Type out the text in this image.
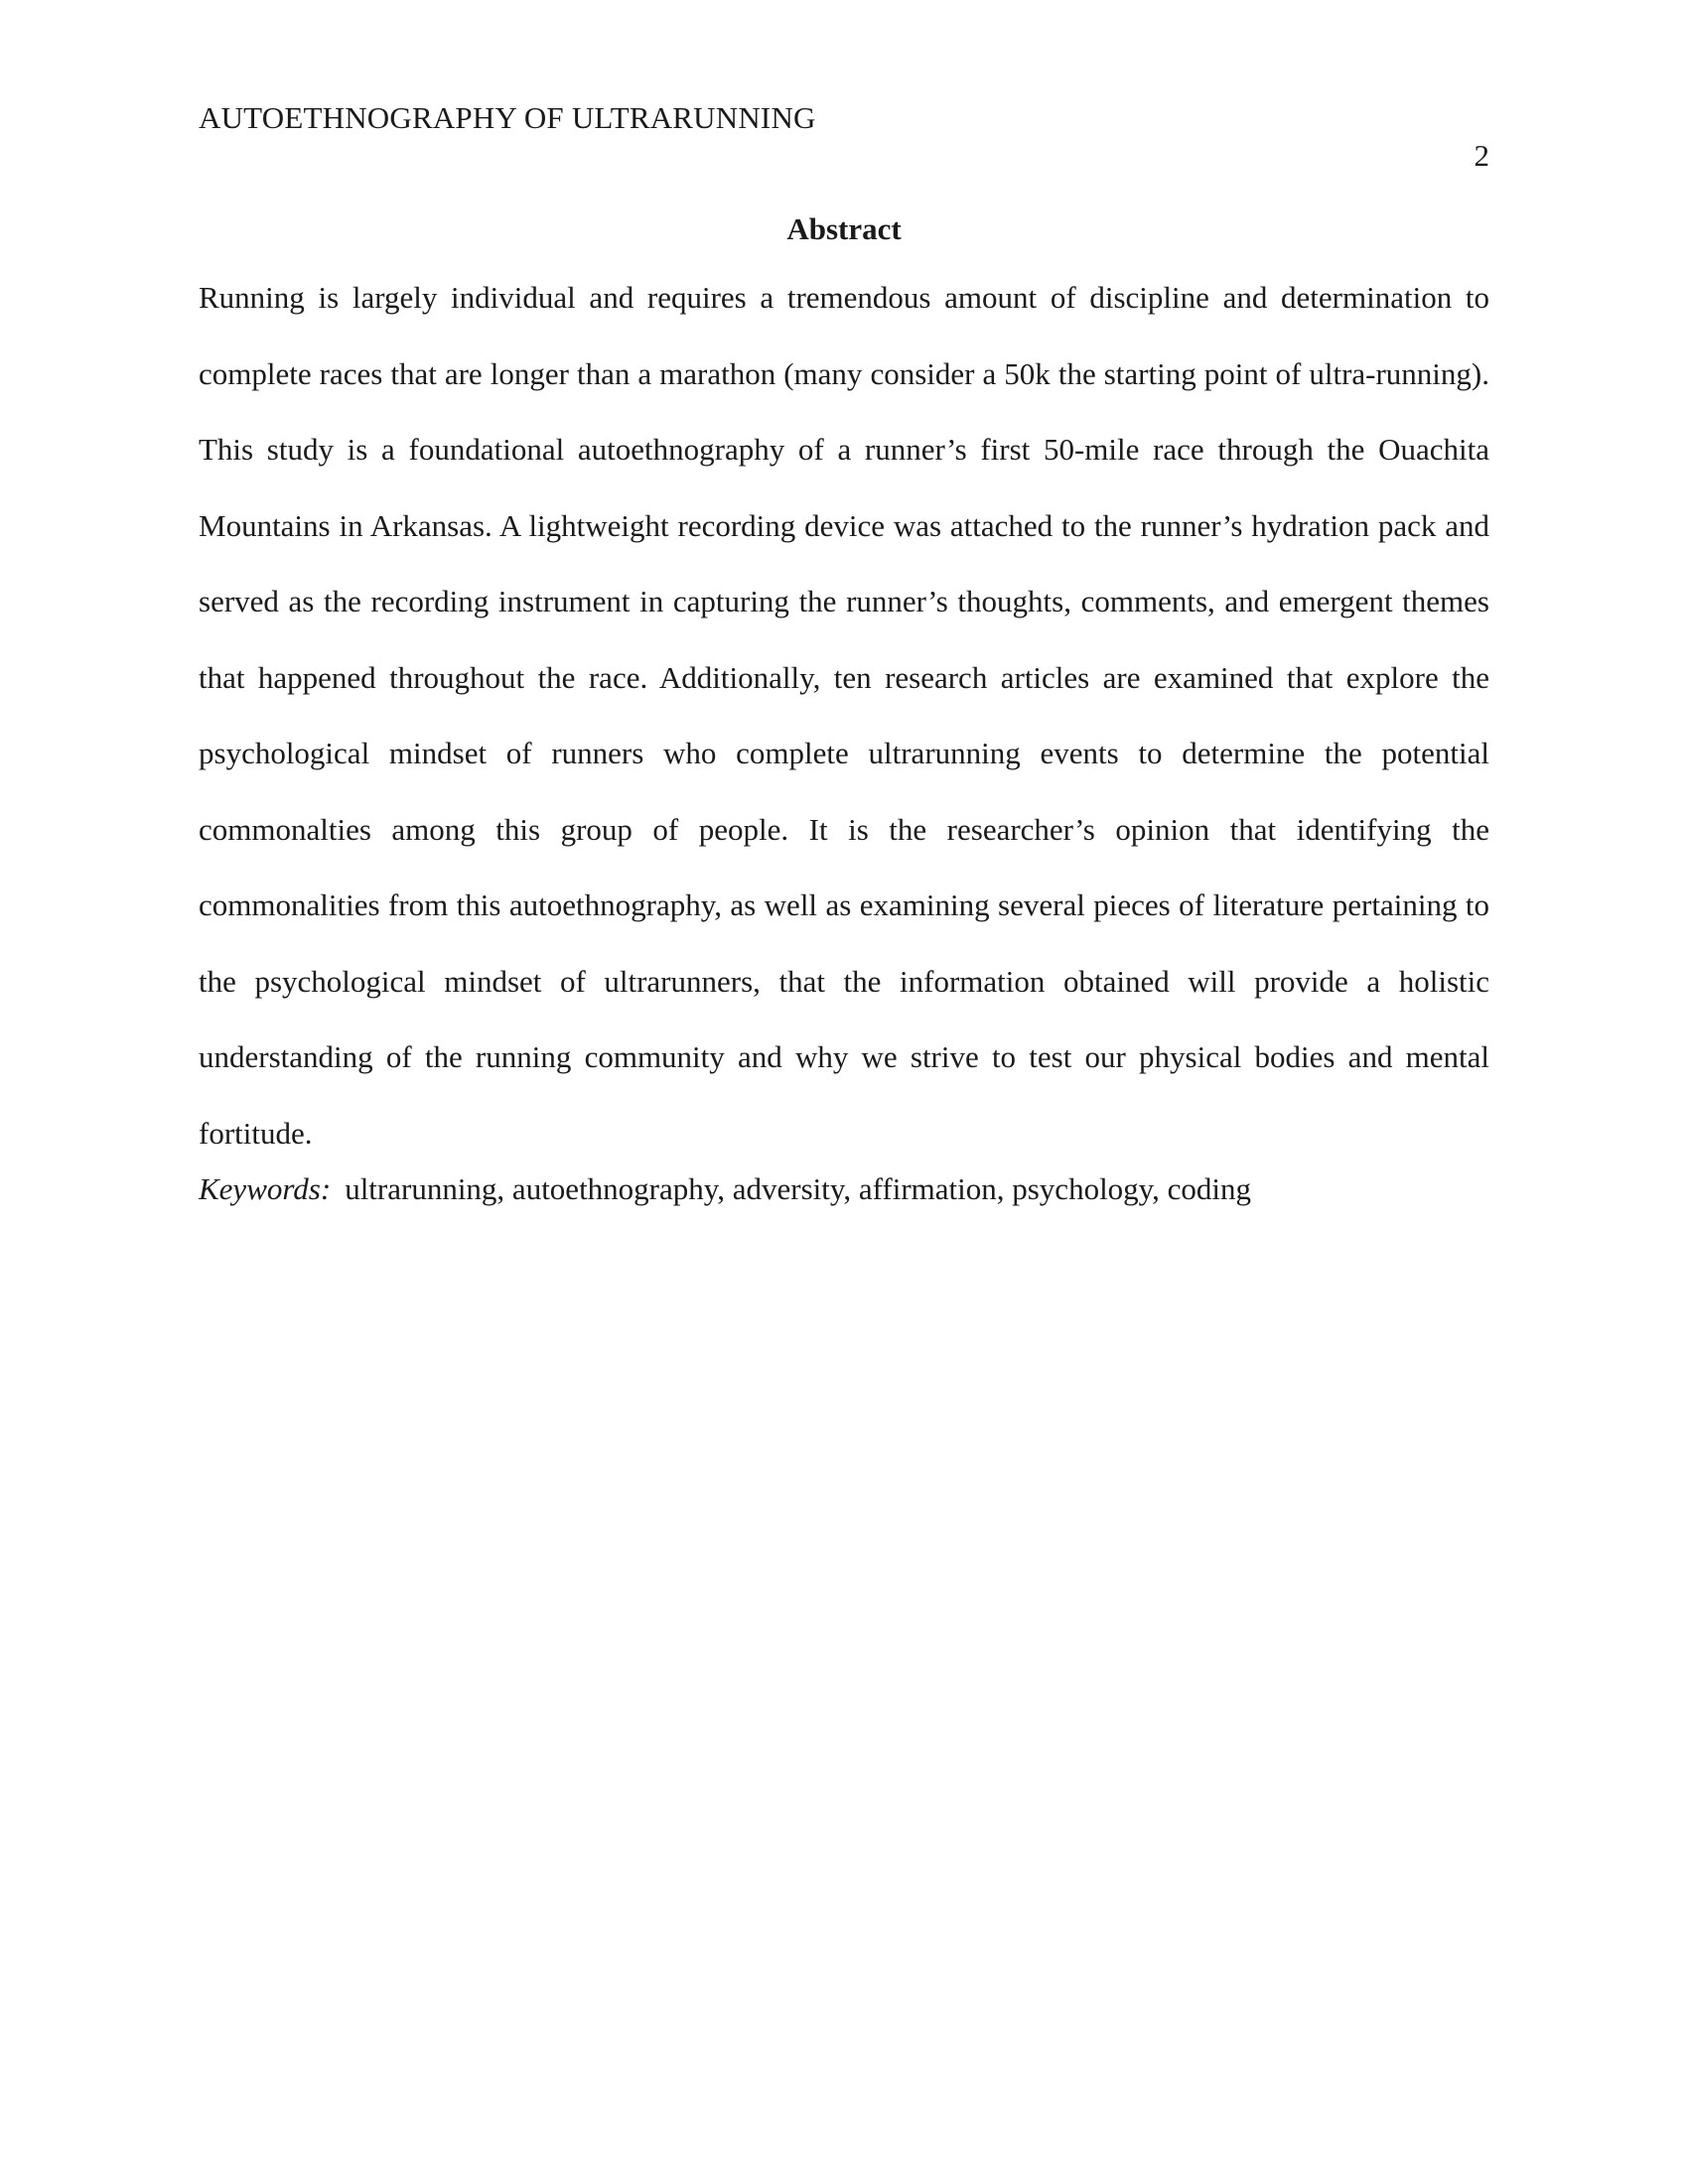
AUTOETHNOGRAPHY OF ULTRARUNNING
2
Abstract

Running is largely individual and requires a tremendous amount of discipline and determination to complete races that are longer than a marathon (many consider a 50k the starting point of ultra-running). This study is a foundational autoethnography of a runner’s first 50-mile race through the Ouachita Mountains in Arkansas. A lightweight recording device was attached to the runner’s hydration pack and served as the recording instrument in capturing the runner’s thoughts, comments, and emergent themes that happened throughout the race. Additionally, ten research articles are examined that explore the psychological mindset of runners who complete ultrarunning events to determine the potential commonalties among this group of people. It is the researcher’s opinion that identifying the commonalities from this autoethnography, as well as examining several pieces of literature pertaining to the psychological mindset of ultrarunners, that the information obtained will provide a holistic understanding of the running community and why we strive to test our physical bodies and mental fortitude.

Keywords: ultrarunning, autoethnography, adversity, affirmation, psychology, coding
